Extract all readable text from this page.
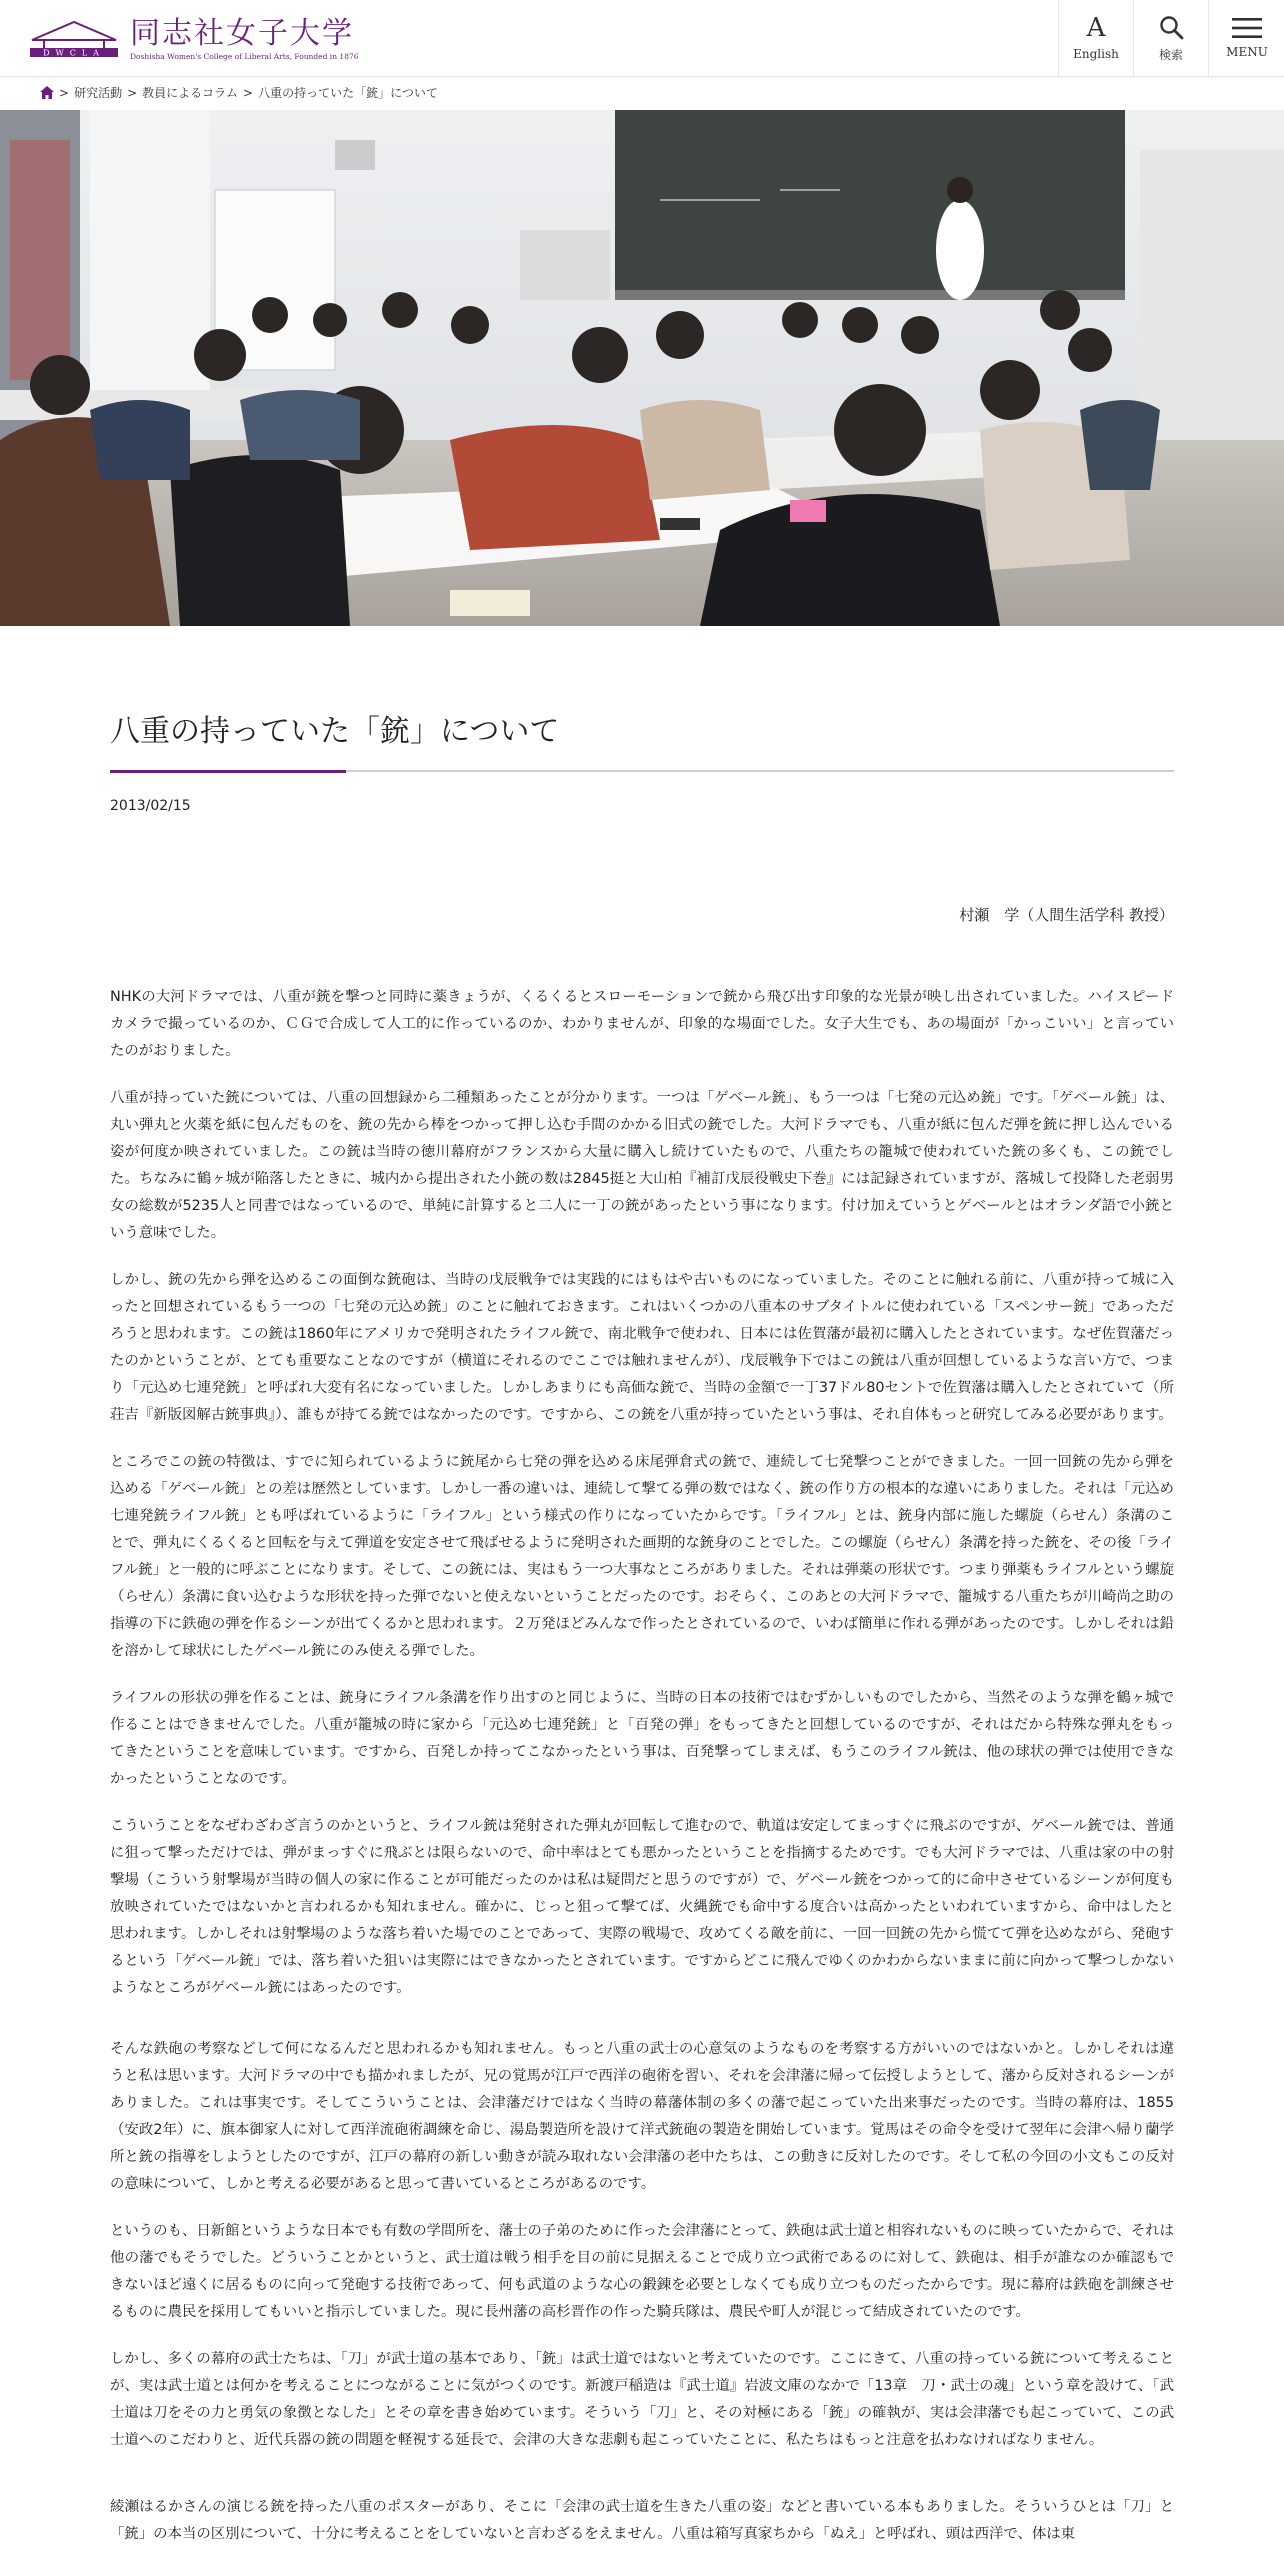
DWCLA
同志社女子大学
Doshisha Women's College of Liberal Arts, Founded in 1876
A
English	検索	MENU
> 研究活動 > 教員によるコラム > 八重の持っていた「銃」について
八重の持っていた「銃」について
2013/02/15
村瀬　学（人間生活学科 教授）

NHKの大河ドラマでは、八重が銃を撃つと同時に薬きょうが、くるくるとスローモーションで銃から飛び出す印象的な光景が映し出されていました。ハイスピードカメラで撮っているのか、ＣＧで合成して人工的に作っているのか、わかりませんが、印象的な場面でした。女子大生でも、あの場面が「かっこいい」と言っていたのがおりました。

八重が持っていた銃については、八重の回想録から二種類あったことが分かります。一つは「ゲベール銃」、もう一つは「七発の元込め銃」です。「ゲベール銃」は、丸い弾丸と火薬を紙に包んだものを、銃の先から棒をつかって押し込む手間のかかる旧式の銃でした。大河ドラマでも、八重が紙に包んだ弾を銃に押し込んでいる姿が何度か映されていました。この銃は当時の徳川幕府がフランスから大量に購入し続けていたもので、八重たちの籠城で使われていた銃の多くも、この銃でした。ちなみに鶴ヶ城が陥落したときに、城内から提出された小銃の数は2845挺と大山柏『補訂戊辰役戦史下巻』には記録されていますが、落城して投降した老弱男女の総数が5235人と同書ではなっているので、単純に計算すると二人に一丁の銃があったという事になります。付け加えていうとゲベールとはオランダ語で小銃という意味でした。

しかし、銃の先から弾を込めるこの面倒な銃砲は、当時の戊辰戦争では実践的にはもはや古いものになっていました。そのことに触れる前に、八重が持って城に入ったと回想されているもう一つの「七発の元込め銃」のことに触れておきます。これはいくつかの八重本のサブタイトルに使われている「スペンサー銃」であっただろうと思われます。この銃は1860年にアメリカで発明されたライフル銃で、南北戦争で使われ、日本には佐賀藩が最初に購入したとされています。なぜ佐賀藩だったのかということが、とても重要なことなのですが（横道にそれるのでここでは触れませんが）、戊辰戦争下ではこの銃は八重が回想しているような言い方で、つまり「元込め七連発銃」と呼ばれ大変有名になっていました。しかしあまりにも高価な銃で、当時の金額で一丁37ドル80セントで佐賀藩は購入したとされていて（所荘吉『新版図解古銃事典』）、誰もが持てる銃ではなかったのです。ですから、この銃を八重が持っていたという事は、それ自体もっと研究してみる必要があります。

ところでこの銃の特徴は、すでに知られているように銃尾から七発の弾を込める床尾弾倉式の銃で、連続して七発撃つことができました。一回一回銃の先から弾を込める「ゲベール銃」との差は歴然としています。しかし一番の違いは、連続して撃てる弾の数ではなく、銃の作り方の根本的な違いにありました。それは「元込め七連発銃ライフル銃」とも呼ばれているように「ライフル」という様式の作りになっていたからです。「ライフル」とは、銃身内部に施した螺旋（らせん）条溝のことで、弾丸にくるくると回転を与えて弾道を安定させて飛ばせるように発明された画期的な銃身のことでした。この螺旋（らせん）条溝を持った銃を、その後「ライフル銃」と一般的に呼ぶことになります。そして、この銃には、実はもう一つ大事なところがありました。それは弾薬の形状です。つまり弾薬もライフルという螺旋（らせん）条溝に食い込むような形状を持った弾でないと使えないということだったのです。おそらく、このあとの大河ドラマで、籠城する八重たちが川崎尚之助の指導の下に鉄砲の弾を作るシーンが出てくるかと思われます。２万発ほどみんなで作ったとされているので、いわば簡単に作れる弾があったのです。しかしそれは鉛を溶かして球状にしたゲベール銃にのみ使える弾でした。

ライフルの形状の弾を作ることは、銃身にライフル条溝を作り出すのと同じように、当時の日本の技術ではむずかしいものでしたから、当然そのような弾を鶴ヶ城で作ることはできませんでした。八重が籠城の時に家から「元込め七連発銃」と「百発の弾」をもってきたと回想しているのですが、それはだから特殊な弾丸をもってきたということを意味しています。ですから、百発しか持ってこなかったという事は、百発撃ってしまえば、もうこのライフル銃は、他の球状の弾では使用できなかったということなのです。

こういうことをなぜわざわざ言うのかというと、ライフル銃は発射された弾丸が回転して進むので、軌道は安定してまっすぐに飛ぶのですが、ゲベール銃では、普通に狙って撃っただけでは、弾がまっすぐに飛ぶとは限らないので、命中率はとても悪かったということを指摘するためです。でも大河ドラマでは、八重は家の中の射撃場（こういう射撃場が当時の個人の家に作ることが可能だったのかは私は疑問だと思うのですが）で、ゲベール銃をつかって的に命中させているシーンが何度も放映されていたではないかと言われるかも知れません。確かに、じっと狙って撃てば、火縄銃でも命中する度合いは高かったといわれていますから、命中はしたと思われます。しかしそれは射撃場のような落ち着いた場でのことであって、実際の戦場で、攻めてくる敵を前に、一回一回銃の先から慌てて弾を込めながら、発砲するという「ゲベール銃」では、落ち着いた狙いは実際にはできなかったとされています。ですからどこに飛んでゆくのかわからないままに前に向かって撃つしかないようなところがゲベール銃にはあったのです。

そんな鉄砲の考察などして何になるんだと思われるかも知れません。もっと八重の武士の心意気のようなものを考察する方がいいのではないかと。しかしそれは違うと私は思います。大河ドラマの中でも描かれましたが、兄の覚馬が江戸で西洋の砲術を習い、それを会津藩に帰って伝授しようとして、藩から反対されるシーンがありました。これは事実です。そしてこういうことは、会津藩だけではなく当時の幕藩体制の多くの藩で起こっていた出来事だったのです。当時の幕府は、1855（安政2年）に、旗本御家人に対して西洋流砲術調練を命じ、湯島製造所を設けて洋式銃砲の製造を開始しています。覚馬はその命令を受けて翌年に会津へ帰り蘭学所と銃の指導をしようとしたのですが、江戸の幕府の新しい動きが読み取れない会津藩の老中たちは、この動きに反対したのです。そして私の今回の小文もこの反対の意味について、しかと考える必要があると思って書いているところがあるのです。

というのも、日新館というような日本でも有数の学問所を、藩士の子弟のために作った会津藩にとって、鉄砲は武士道と相容れないものに映っていたからで、それは他の藩でもそうでした。どういうことかというと、武士道は戦う相手を目の前に見据えることで成り立つ武術であるのに対して、鉄砲は、相手が誰なのか確認もできないほど遠くに居るものに向って発砲する技術であって、何も武道のような心の鍛錬を必要としなくても成り立つものだったからです。現に幕府は鉄砲を訓練させるものに農民を採用してもいいと指示していました。現に長州藩の高杉晋作の作った騎兵隊は、農民や町人が混じって結成されていたのです。

しかし、多くの幕府の武士たちは、「刀」が武士道の基本であり、「銃」は武士道ではないと考えていたのです。ここにきて、八重の持っている銃について考えることが、実は武士道とは何かを考えることにつながることに気がつくのです。新渡戸稲造は『武士道』岩波文庫のなかで「13章　刀・武士の魂」という章を設けて、「武士道は刀をその力と勇気の象徴となした」とその章を書き始めています。そういう「刀」と、その対極にある「銃」の確執が、実は会津藩でも起こっていて、この武士道へのこだわりと、近代兵器の銃の問題を軽視する延長で、会津の大きな悲劇も起こっていたことに、私たちはもっと注意を払わなければなりません。

綾瀬はるかさんの演じる銃を持った八重のポスターがあり、そこに「会津の武士道を生きた八重の姿」などと書いている本もありました。そういうひとは「刀」と「銃」の本当の区別について、十分に考えることをしていないと言わざるをえません。八重は箱写真家ちから「ぬえ」と呼ばれ、頭は西洋で、体は東
